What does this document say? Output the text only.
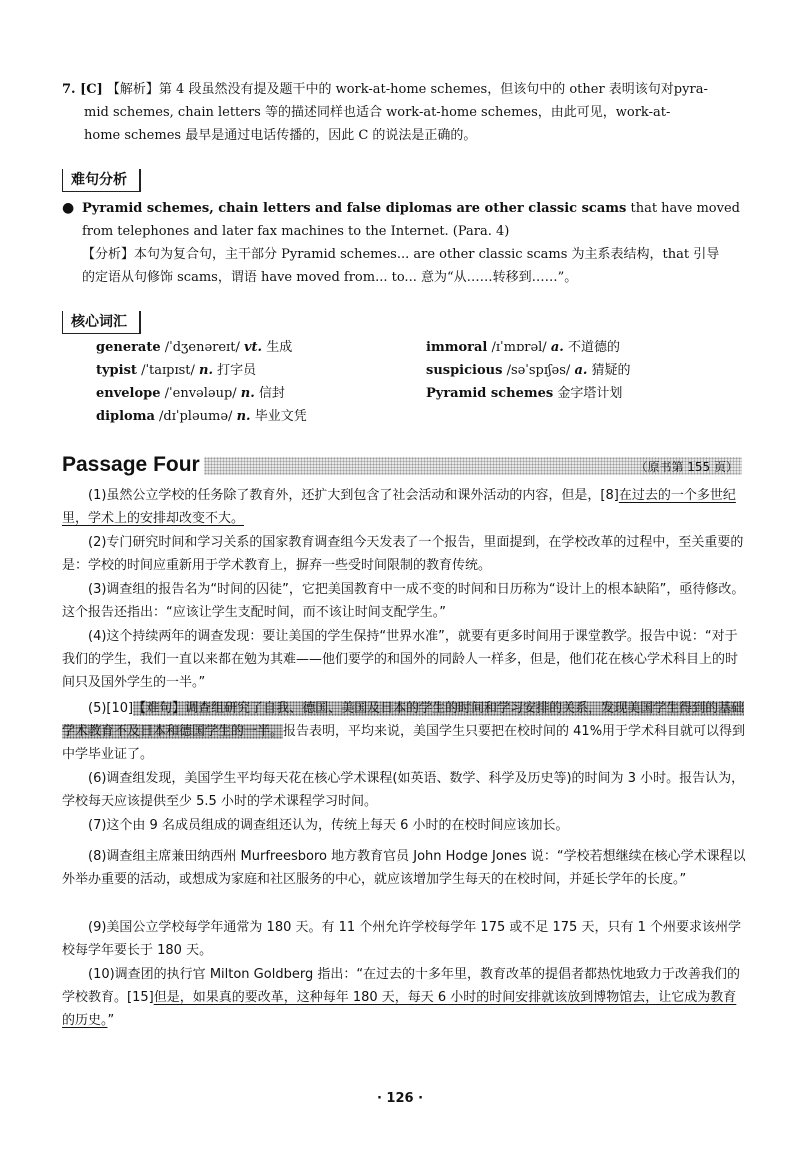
7. [C] 【解析】第 4 段虽然没有提及题干中的 work-at-home schemes，但该句中的 other 表明该句对pyra-
mid schemes, chain letters 等的描述同样也适合 work-at-home schemes，由此可见，work-at-
home schemes 最早是通过电话传播的，因此 C 的说法是正确的。
难句分析
● Pyramid schemes, chain letters and false diplomas are other classic scams that have moved from telephones and later fax machines to the Internet. (Para. 4)
【分析】本句为复合句，主干部分 Pyramid schemes... are other classic scams 为主系表结构，that 引导
的定语从句修饰 scams，谓语 have moved from... to... 意为“从……转移到……”。
核心词汇
generate /ˈdʒenəreɪt/ vt. 生成
typist /ˈtaɪpɪst/ n. 打字员
envelope /ˈenvələup/ n. 信封
diploma /dɪˈpləumə/ n. 毕业文凭
immoral /ɪˈmɒrəl/ a. 不道德的
suspicious /səˈspɪʃəs/ a. 猜疑的
Pyramid schemes 金字塔计划
Passage Four	（原书第 155 页）

(1)虽然公立学校的任务除了教育外，还扩大到包含了社会活动和课外活动的内容，但是，[8]在过去的一个多世纪里，学术上的安排却改变不大。

(2)专门研究时间和学习关系的国家教育调查组今天发表了一个报告，里面提到，在学校改革的过程中，至关重要的是：学校的时间应重新用于学术教育上，摒弃一些受时间限制的教育传统。

(3)调查组的报告名为“时间的囚徒”，它把美国教育中一成不变的时间和日历称为“设计上的根本缺陷”，亟待修改。这个报告还指出：“应该让学生支配时间，而不该让时间支配学生。”

(4)这个持续两年的调查发现：要让美国的学生保持“世界水准”，就要有更多时间用于课堂教学。报告中说：“对于我们的学生，我们一直以来都在勉为其难——他们要学的和国外的同龄人一样多，但是，他们花在核心学术科目上的时间只及国外学生的一半。”

(5)[10]【难句】调查组研究了自我、德国、美国及日本的学生的时间和学习安排的关系，发现美国学生得到的基础学术教育不及日本和德国学生的一半。报告表明，平均来说，美国学生只要把在校时间的 41%用于学术科目就可以得到中学毕业证了。

(6)调查组发现，美国学生平均每天花在核心学术课程(如英语、数学、科学及历史等)的时间为 3 小时。报告认为，学校每天应该提供至少 5.5 小时的学术课程学习时间。

(7)这个由 9 名成员组成的调查组还认为，传统上每天 6 小时的在校时间应该加长。

(8)调查组主席兼田纳西州 Murfreesboro 地方教育官员 John Hodge Jones 说：“学校若想继续在核心学术课程以外举办重要的活动，或想成为家庭和社区服务的中心，就应该增加学生每天的在校时间，并延长学年的长度。”

(9)美国公立学校每学年通常为 180 天。有 11 个州允许学校每学年 175 或不足 175 天，只有 1 个州要求该州学校每学年要长于 180 天。

(10)调查团的执行官 Milton Goldberg 指出：“在过去的十多年里，教育改革的提倡者都热忱地致力于改善我们的学校教育。[15]但是，如果真的要改革，这种每年 180 天，每天 6 小时的时间安排就该放到博物馆去，让它成为教育的历史。”

· 126 ·
